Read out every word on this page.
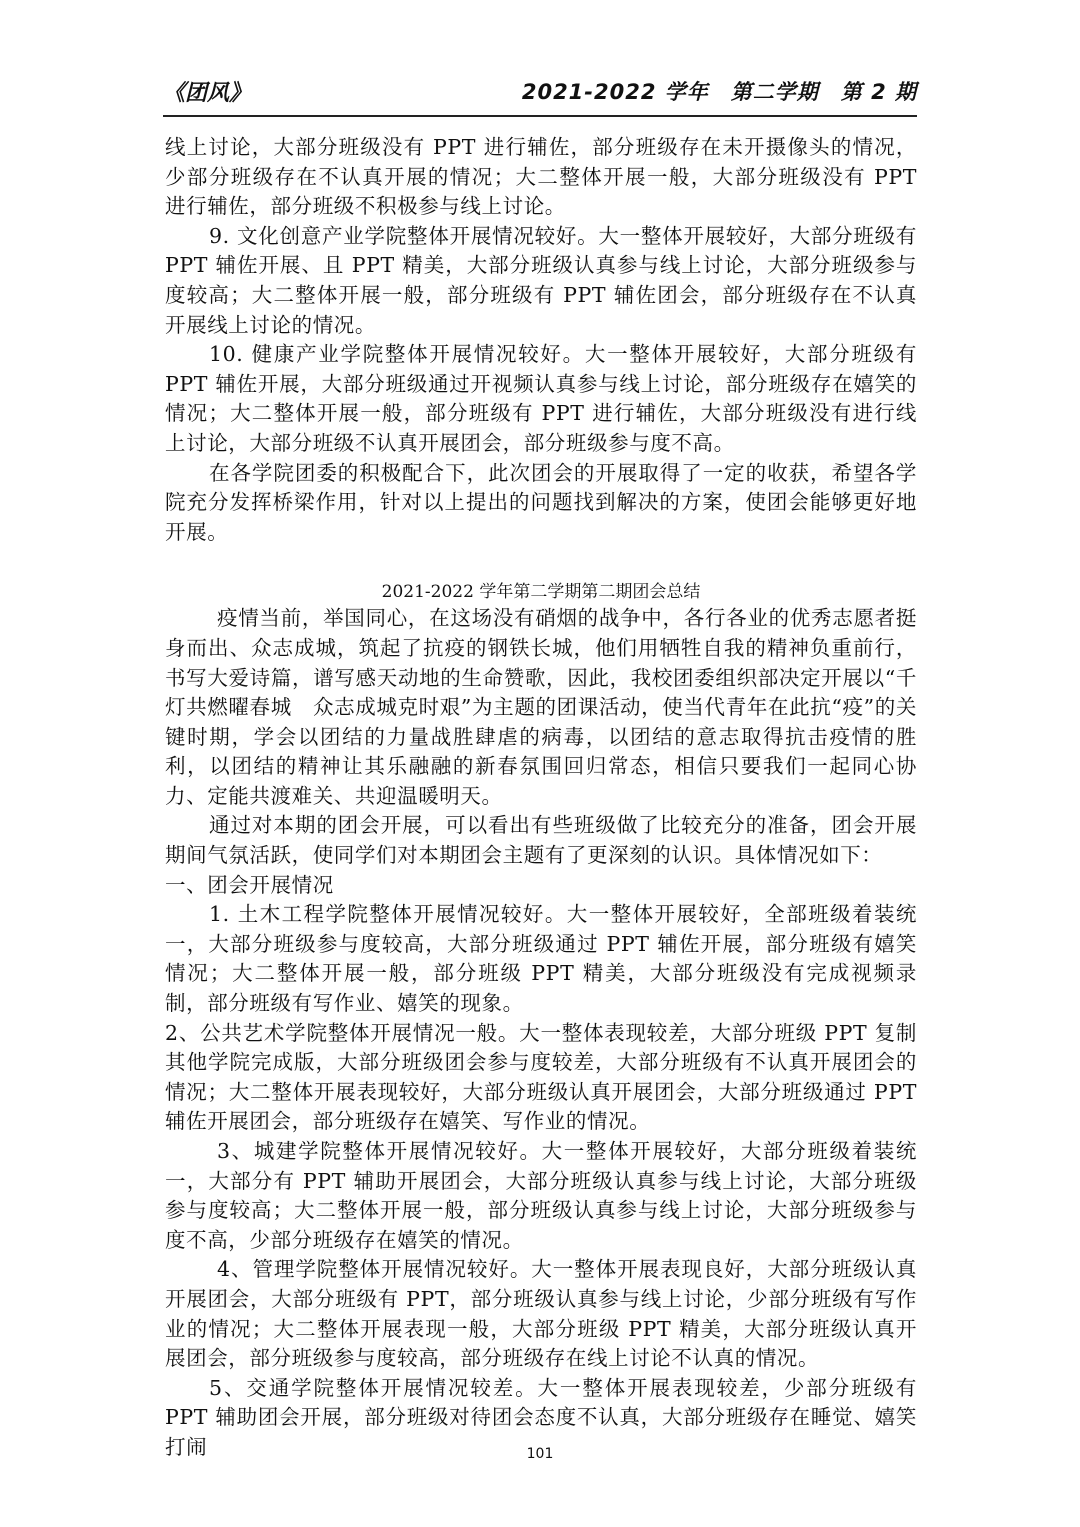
《团风》	2021-2022 学年　第二学期　第 2 期

线上讨论，大部分班级没有 PPT 进行辅佐，部分班级存在未开摄像头的情况，少部分班级存在不认真开展的情况；大二整体开展一般，大部分班级没有 PPT 进行辅佐，部分班级不积极参与线上讨论。

9. 文化创意产业学院整体开展情况较好。大一整体开展较好，大部分班级有 PPT 辅佐开展、且 PPT 精美，大部分班级认真参与线上讨论，大部分班级参与度较高；大二整体开展一般，部分班级有 PPT 辅佐团会，部分班级存在不认真开展线上讨论的情况。

10. 健康产业学院整体开展情况较好。大一整体开展较好，大部分班级有 PPT 辅佐开展，大部分班级通过开视频认真参与线上讨论，部分班级存在嬉笑的情况；大二整体开展一般，部分班级有 PPT 进行辅佐，大部分班级没有进行线上讨论，大部分班级不认真开展团会，部分班级参与度不高。

在各学院团委的积极配合下，此次团会的开展取得了一定的收获，希望各学院充分发挥桥梁作用，针对以上提出的问题找到解决的方案，使团会能够更好地开展。

2021-2022 学年第二学期第二期团会总结

疫情当前，举国同心，在这场没有硝烟的战争中，各行各业的优秀志愿者挺身而出、众志成城，筑起了抗疫的钢铁长城，他们用牺牲自我的精神负重前行，书写大爱诗篇，谱写感天动地的生命赞歌，因此，我校团委组织部决定开展以“千灯共燃曜春城　众志成城克时艰”为主题的团课活动，使当代青年在此抗“疫”的关键时期，学会以团结的力量战胜肆虐的病毒，以团结的意志取得抗击疫情的胜利，以团结的精神让其乐融融的新春氛围回归常态，相信只要我们一起同心协力、定能共渡难关、共迎温暖明天。

通过对本期的团会开展，可以看出有些班级做了比较充分的准备，团会开展期间气氛活跃，使同学们对本期团会主题有了更深刻的认识。具体情况如下：

一、团会开展情况

1. 土木工程学院整体开展情况较好。大一整体开展较好，全部班级着装统一，大部分班级参与度较高，大部分班级通过 PPT 辅佐开展，部分班级有嬉笑情况；大二整体开展一般，部分班级 PPT 精美，大部分班级没有完成视频录制，部分班级有写作业、嬉笑的现象。

2、公共艺术学院整体开展情况一般。大一整体表现较差，大部分班级 PPT 复制其他学院完成版，大部分班级团会参与度较差，大部分班级有不认真开展团会的情况；大二整体开展表现较好，大部分班级认真开展团会，大部分班级通过 PPT 辅佐开展团会，部分班级存在嬉笑、写作业的情况。

3、城建学院整体开展情况较好。大一整体开展较好，大部分班级着装统一，大部分有 PPT 辅助开展团会，大部分班级认真参与线上讨论，大部分班级参与度较高；大二整体开展一般，部分班级认真参与线上讨论，大部分班级参与度不高，少部分班级存在嬉笑的情况。

4、管理学院整体开展情况较好。大一整体开展表现良好，大部分班级认真开展团会，大部分班级有 PPT，部分班级认真参与线上讨论，少部分班级有写作业的情况；大二整体开展表现一般，大部分班级 PPT 精美，大部分班级认真开展团会，部分班级参与度较高，部分班级存在线上讨论不认真的情况。

5、交通学院整体开展情况较差。大一整体开展表现较差，少部分班级有 PPT 辅助团会开展，部分班级对待团会态度不认真，大部分班级存在睡觉、嬉笑打闹	101
